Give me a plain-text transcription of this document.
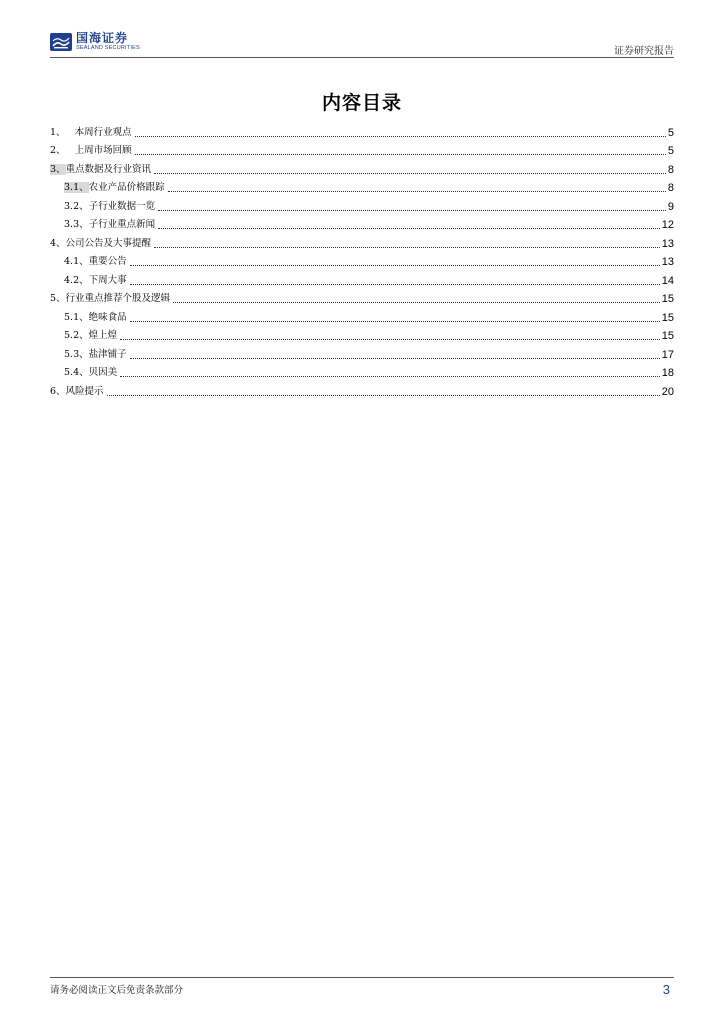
国海证券
SEALAND SECURITIES	证券研究报告
内容目录
1、 本周行业观点	5
2、 上周市场回顾	5
3、重点数据及行业资讯	8
3.1、农业产品价格跟踪	8
3.2、子行业数据一览	9
3.3、子行业重点新闻	12
4、公司公告及大事提醒	13
4.1、重要公告	13
4.2、下周大事	14
5、行业重点推荐个股及逻辑	15
5.1、绝味食品	15
5.2、煌上煌	15
5.3、盐津铺子	17
5.4、贝因美	18
6、风险提示	20
请务必阅读正文后免责条款部分	3
